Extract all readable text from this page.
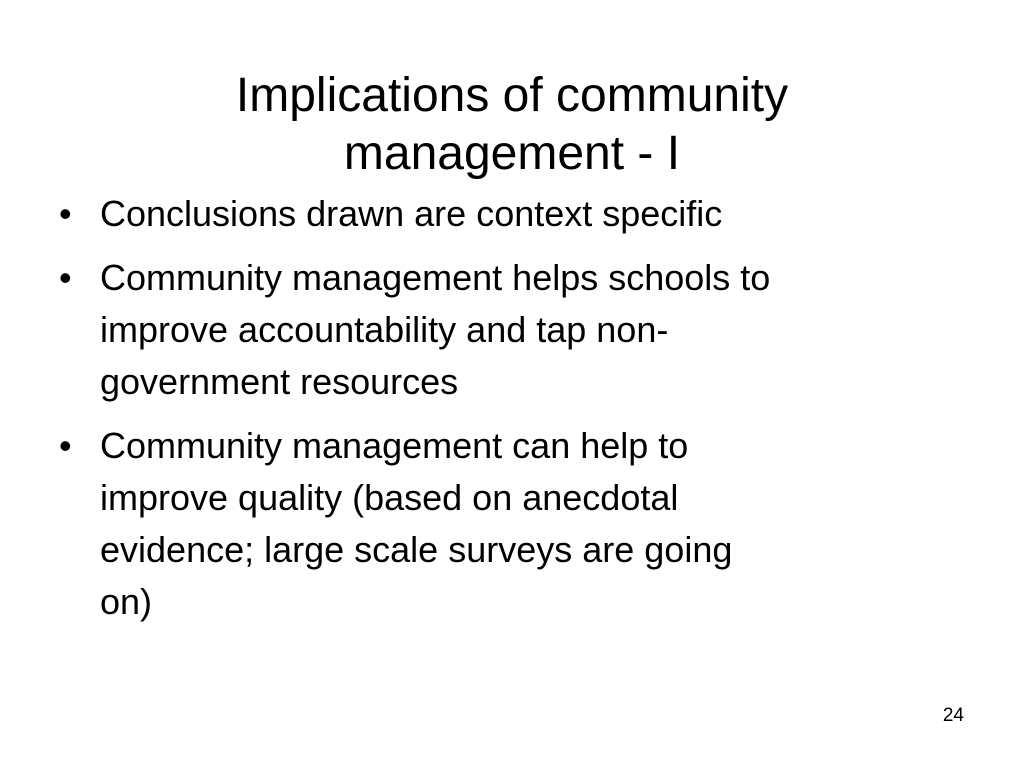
Implications of community
management - I
• Conclusions drawn are context specific
• Community management helps schools to
improve accountability and tap non-
government resources
• Community management can help to
improve quality (based on anecdotal
evidence; large scale surveys are going
on)
24
